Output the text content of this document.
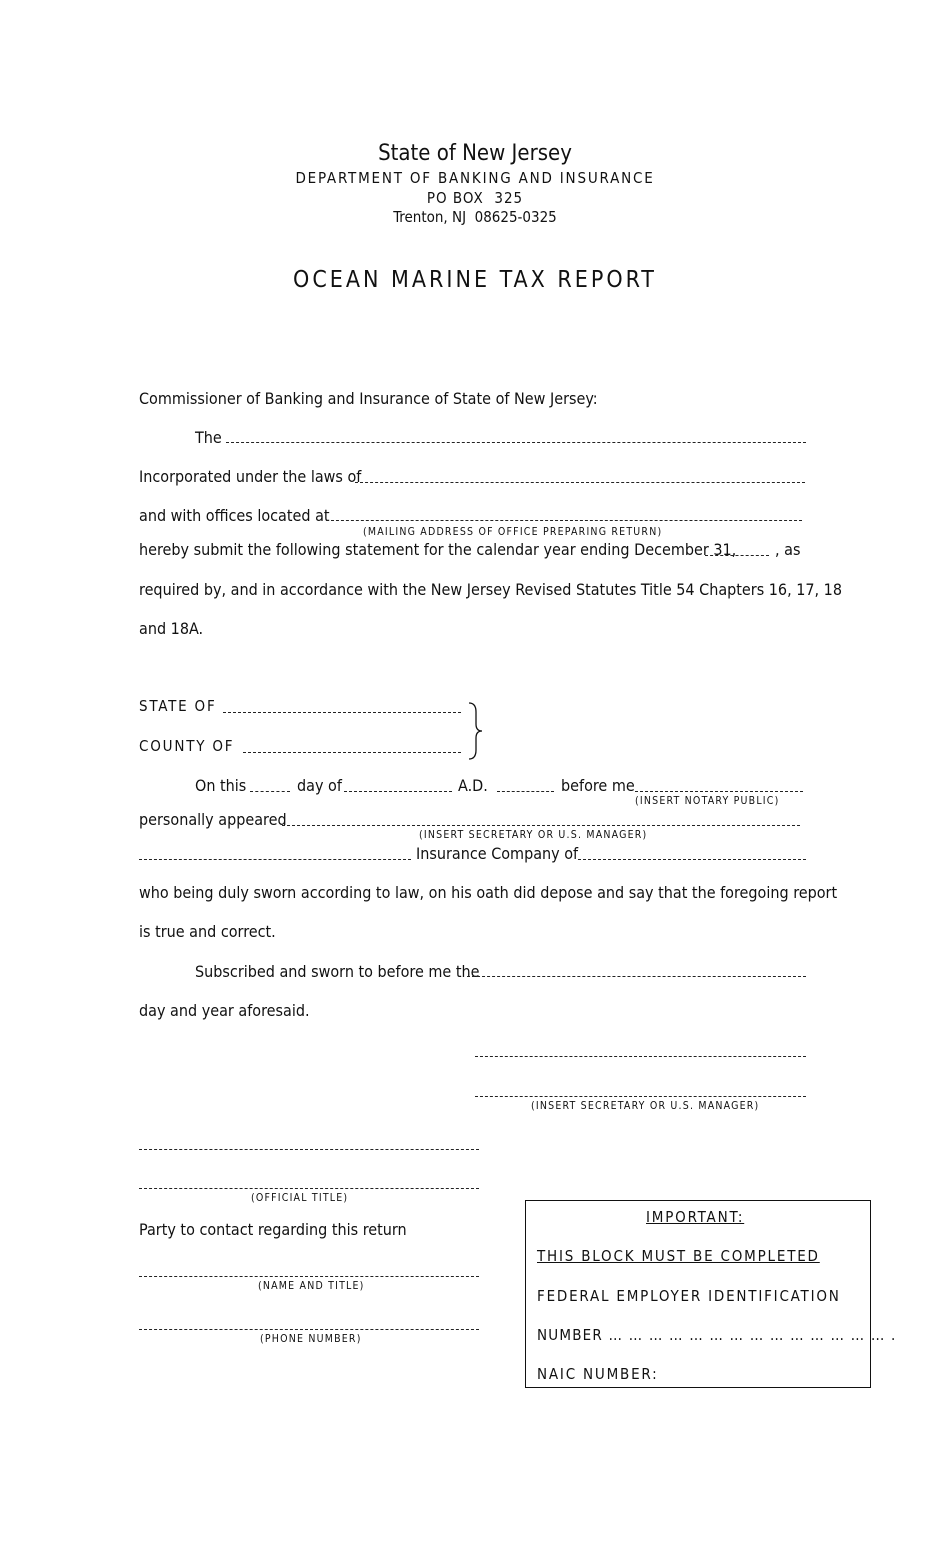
State of New Jersey
DEPARTMENT OF BANKING AND INSURANCE
PO BOX  325
Trenton, NJ  08625-0325
OCEAN MARINE TAX REPORT
Commissioner of Banking and Insurance of State of New Jersey:
The
Incorporated under the laws of
and with offices located at
(MAILING ADDRESS OF OFFICE PREPARING RETURN)
hereby submit the following statement for the calendar year ending December 31, , as
required by, and in accordance with the New Jersey Revised Statutes Title 54 Chapters 16, 17, 18
and 18A.
STATE OF
COUNTY OF
On this	day of	A.D.	before me
(INSERT NOTARY PUBLIC)
personally appeared
(INSERT SECRETARY OR U.S. MANAGER)
Insurance Company of
who being duly sworn according to law, on his oath did depose and say that the foregoing report
is true and correct.
Subscribed and sworn to before me the
day and year aforesaid.
(INSERT SECRETARY OR U.S. MANAGER)
(OFFICIAL TITLE)
Party to contact regarding this return
(NAME AND TITLE)
(PHONE NUMBER)
IMPORTANT:
THIS BLOCK MUST BE COMPLETED
FEDERAL EMPLOYER IDENTIFICATION
NUMBER … … … … … … … … … … … … … … .
NAIC NUMBER:
